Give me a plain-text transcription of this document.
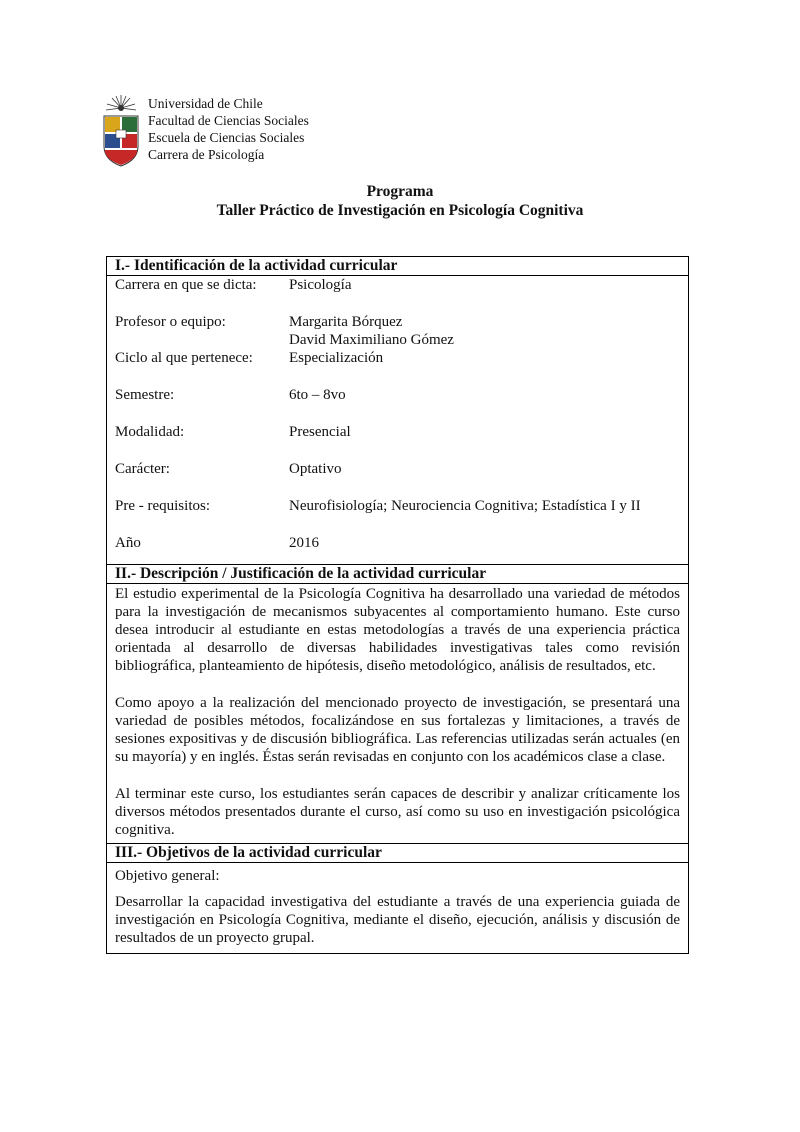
Universidad de Chile
Facultad de Ciencias Sociales
Escuela de Ciencias Sociales
Carrera de Psicología
Programa
Taller Práctico de Investigación en Psicología Cognitiva
I.- Identificación de la actividad curricular
Carrera en que se dicta:	Psicología
Profesor o equipo:	Margarita Bórquez
David Maximiliano Gómez
Ciclo al que pertenece:	Especialización
Semestre:	6to – 8vo
Modalidad:	Presencial
Carácter:	Optativo
Pre - requisitos:	Neurofisiología; Neurociencia Cognitiva; Estadística I y II
Año	2016
II.- Descripción / Justificación de la actividad curricular

El estudio experimental de la Psicología Cognitiva ha desarrollado una variedad de métodos para la investigación de mecanismos subyacentes al comportamiento humano. Este curso desea introducir al estudiante en estas metodologías a través de una experiencia práctica orientada al desarrollo de diversas habilidades investigativas tales como revisión bibliográfica, planteamiento de hipótesis, diseño metodológico, análisis de resultados, etc.

Como apoyo a la realización del mencionado proyecto de investigación, se presentará una variedad de posibles métodos, focalizándose en sus fortalezas y limitaciones, a través de sesiones expositivas y de discusión bibliográfica. Las referencias utilizadas serán actuales (en su mayoría) y en inglés. Éstas serán revisadas en conjunto con los académicos clase a clase.

Al terminar este curso, los estudiantes serán capaces de describir y analizar críticamente los diversos métodos presentados durante el curso, así como su uso en investigación psicológica cognitiva.

III.- Objetivos de la actividad curricular
Objetivo general:
Desarrollar la capacidad investigativa del estudiante a través de una experiencia guiada de investigación en Psicología Cognitiva, mediante el diseño, ejecución, análisis y discusión de resultados de un proyecto grupal.
